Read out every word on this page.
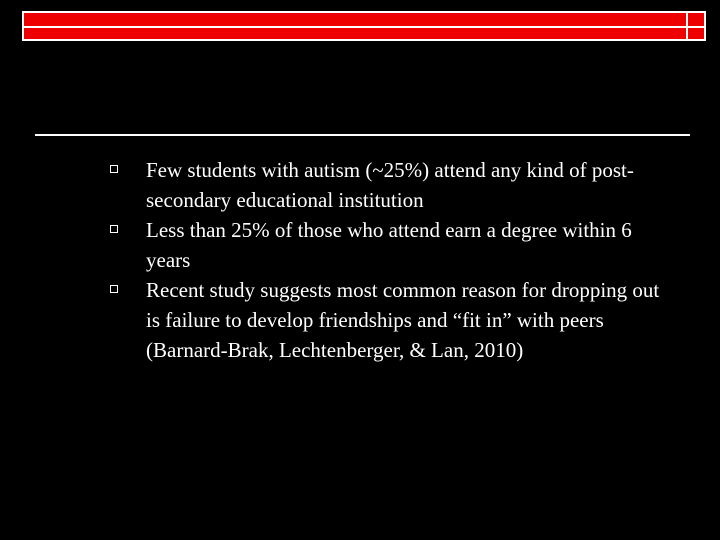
Few students with autism (~25%) attend any kind of post-secondary educational institution
Less than 25% of those who attend earn a degree within 6 years
Recent study suggests most common reason for dropping out is failure to develop friendships and “fit in” with peers (Barnard-Brak, Lechtenberger, & Lan, 2010)
